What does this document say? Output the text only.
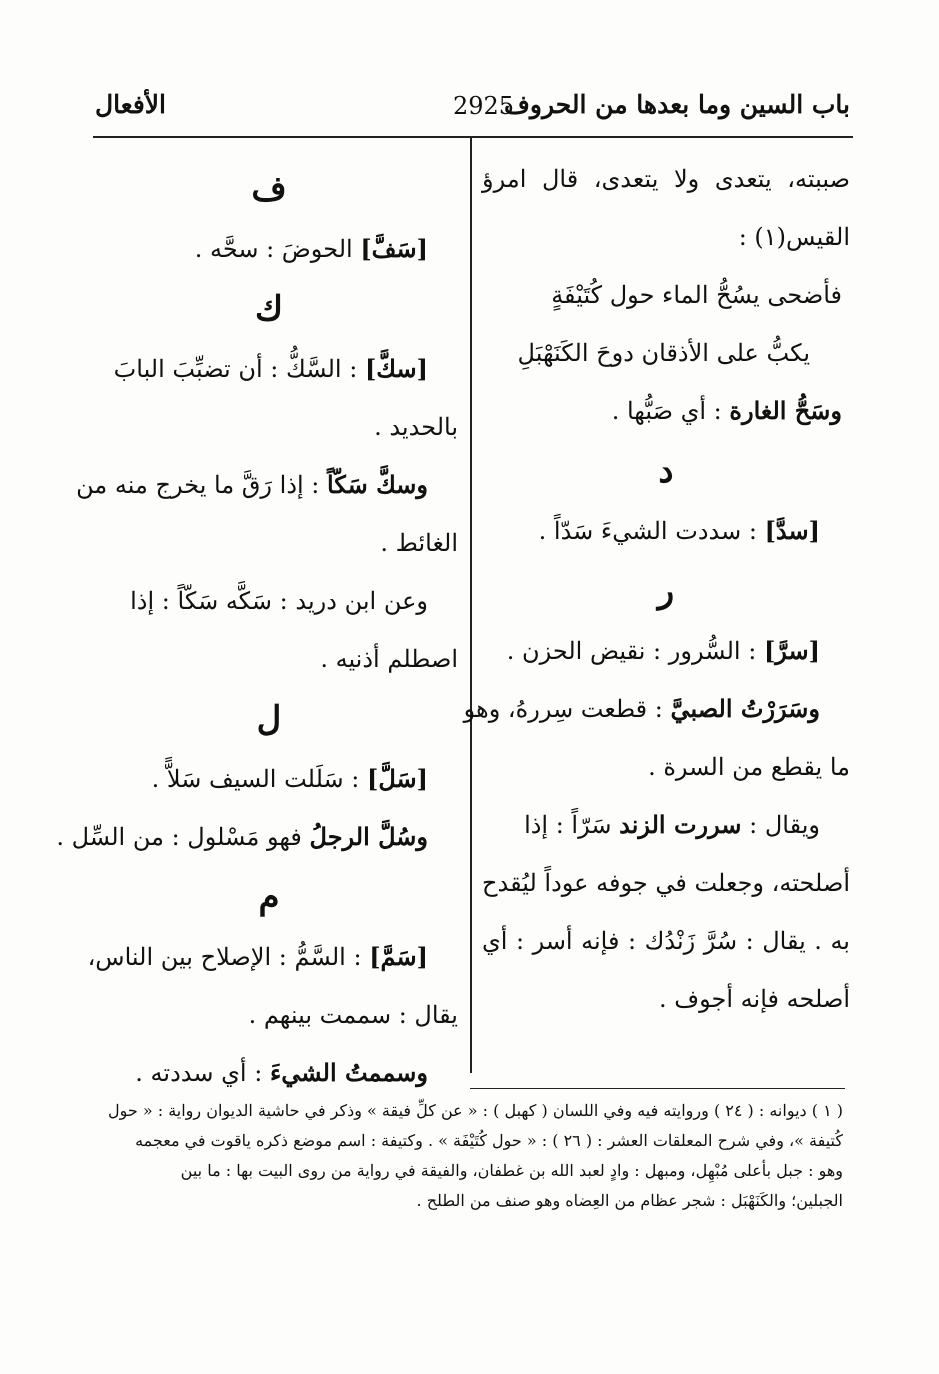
باب السين وما بعدها من الحروف
2925
الأفعال
صببته، يتعدى ولا يتعدى، قال امرؤ
القيس(١) :
فأضحى يسُحُّ الماء حول كُتَيْفَةٍ
يكبُّ على الأذقان دوحَ الكَنَهْبَلِ
وسَحُّ الغارة : أي صَبُّها .
د
[سدَّ] : سددت الشيءَ سَدّاً .
ر
[سرَّ] : السُّرور : نقيض الحزن .
وسَرَرْتُ الصبيَّ : قطعت سِررهُ، وهو
ما يقطع من السرة .
ويقال : سررت الزند سَرّاً : إذا
أصلحته، وجعلت في جوفه عوداً ليُقدح
به . يقال : سُرَّ زَنْدُك : فإنه أسر : أي
أصلحه فإنه أجوف .
ف
[سَفَّ] الحوضَ : سحَّه .
ك
[سكَّ] : السَّكُّ : أن تضبِّبَ البابَ
بالحديد .
وسكَّ سَكّاً : إذا رَقَّ ما يخرج منه من
الغائط .
وعن ابن دريد : سَكَّه سَكّاً : إذا
اصطلم أذنيه .
ل
[سَلَّ] : سَلَلت السيف سَلاًّ .
وسُلَّ الرجلُ فهو مَسْلول : من السِّل .
م
[سَمَّ] : السَّمُّ : الإصلاح بين الناس،
يقال : سممت بينهم .
وسممتُ الشيءَ : أي سددته .
( ١ ) ديوانه : ( ٢٤ ) وروايته فيه وفي اللسان ( كهبل ) : « عن كلِّ فيقة » وذكر في حاشية الديوان رواية : « حول
كُتيفة »، وفي شرح المعلقات العشر : ( ٢٦ ) : « حول كُتَيْفَة » . وكتيفة : اسم موضع ذكره ياقوت في معجمه
وهو : جبل بأعلى مُبْهِل، ومبهل : وادٍ لعبد الله بن غطفان، والفيقة في رواية من روى البيت بها : ما بين
الجبلين؛ والكَنَهْبَل : شجر عظام من العِضاه وهو صنف من الطلح .
